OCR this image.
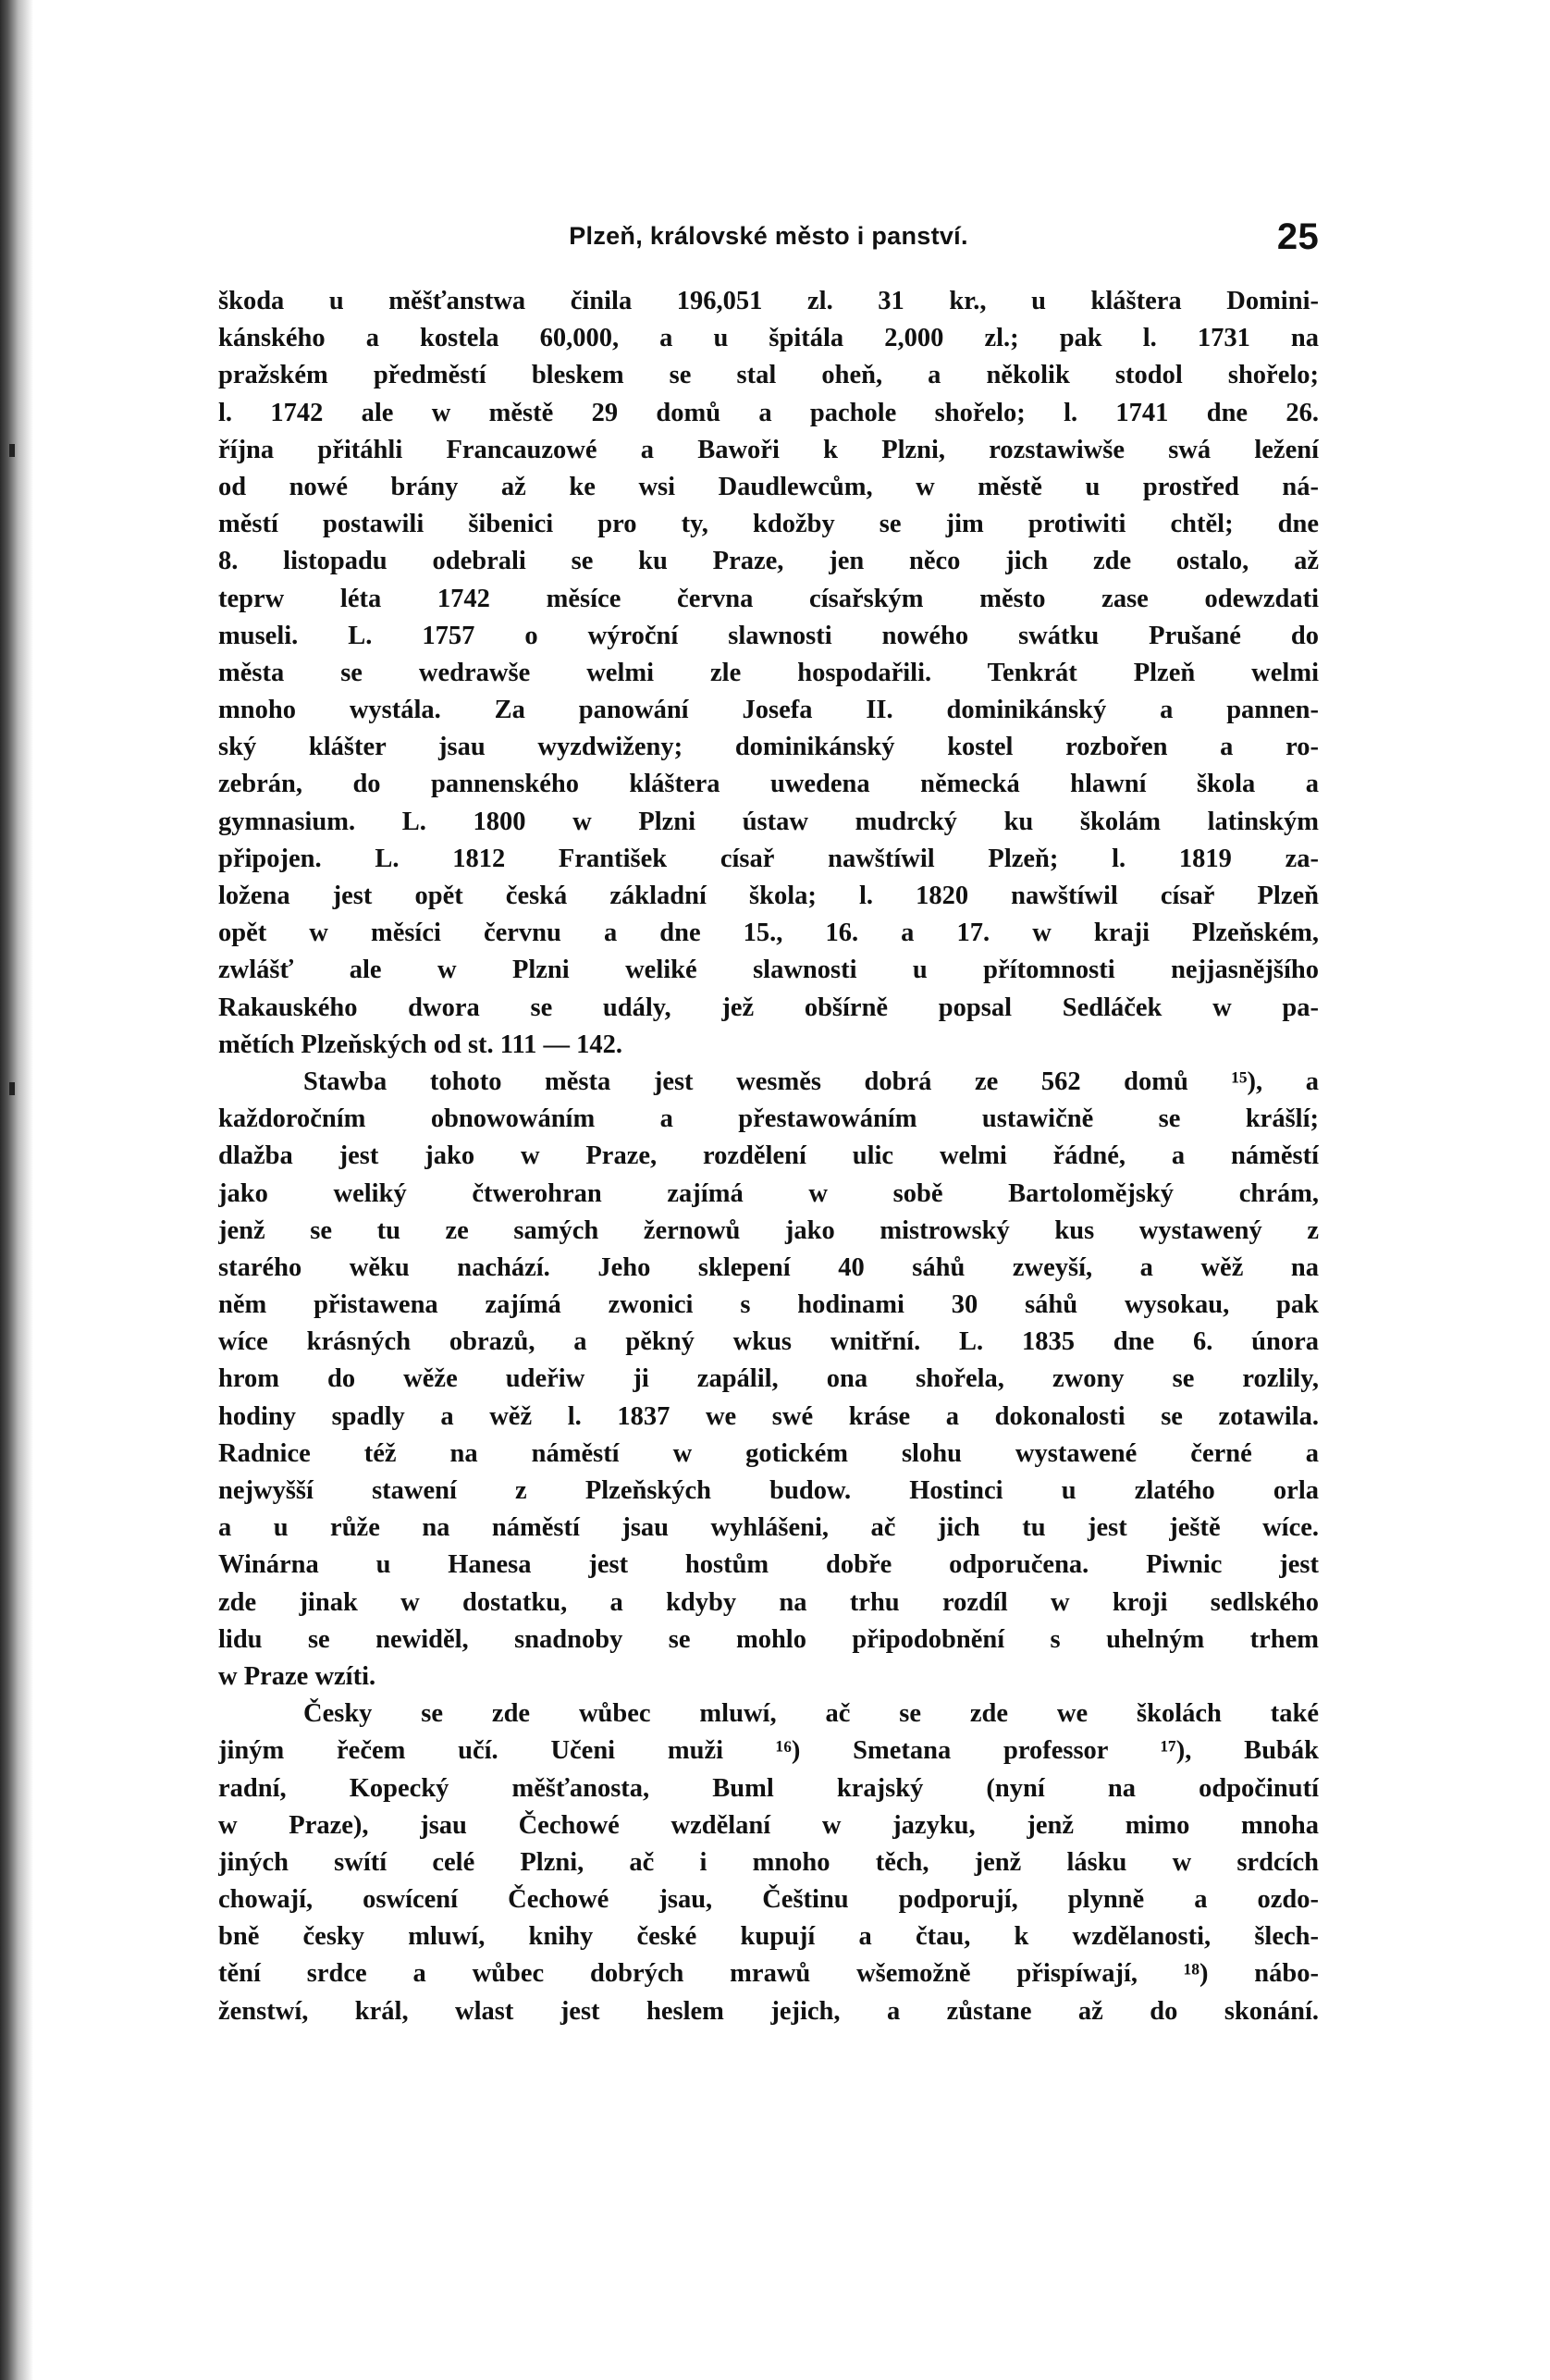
Plzeň, královské město i panství.	25
škoda u měšťanstwa činila 196,051 zl. 31 kr., u kláštera Domini-
kánského a kostela 60,000, a u špitála 2,000 zl.; pak l. 1731 na
pražském předměstí bleskem se stal oheň, a několik stodol shořelo;
l. 1742 ale w městě 29 domů a pachole shořelo; l. 1741 dne 26.
října přitáhli Francauzowé a Bawoři k Plzni, rozstawiwše swá ležení
od nowé brány až ke wsi Daudlewcům, w městě u prostřed ná-
městí postawili šibenici pro ty, kdožby se jim protiwiti chtěl; dne
8. listopadu odebrali se ku Praze, jen něco jich zde ostalo, až
teprw léta 1742 měsíce června císařským město zase odewzdati
museli. L. 1757 o wýroční slawnosti nowého swátku Prušané do
města se wedrawše welmi zle hospodařili. Tenkrát Plzeň welmi
mnoho wystála. Za panowání Josefa II. dominikánský a pannen-
ský klášter jsau wyzdwiženy; dominikánský kostel rozbořen a ro-
zebrán, do pannenského kláštera uwedena německá hlawní škola a
gymnasium. L. 1800 w Plzni ústaw mudrcký ku školám latinským
připojen. L. 1812 František císař nawštíwil Plzeň; l. 1819 za-
ložena jest opět česká základní škola; l. 1820 nawštíwil císař Plzeň
opět w měsíci červnu a dne 15., 16. a 17. w kraji Plzeňském,
zwlášť ale w Plzni weliké slawnosti u přítomnosti nejjasnějšího
Rakauského dwora se udály, jež obšírně popsal Sedláček w pa-
mětích Plzeňských od st. 111 — 142.
Stawba tohoto města jest wesměs dobrá ze 562 domů ¹⁵), a
každoročním obnowowáním a přestawowáním ustawičně se krášlí;
dlažba jest jako w Praze, rozdělení ulic welmi řádné, a náměstí
jako weliký čtwerohran zajímá w sobě Bartolomějský chrám,
jenž se tu ze samých žernowů jako mistrowský kus wystawený z
starého wěku nachází. Jeho sklepení 40 sáhů zweyší, a wěž na
něm přistawena zajímá zwonici s hodinami 30 sáhů wysokau, pak
wíce krásných obrazů, a pěkný wkus wnitřní. L. 1835 dne 6. února
hrom do wěže udeřiw ji zapálil, ona shořela, zwony se rozlily,
hodiny spadly a wěž l. 1837 we swé kráse a dokonalosti se zotawila.
Radnice též na náměstí w gotickém slohu wystawené černé a
nejwyšší stawení z Plzeňských budow. Hostinci u zlatého orla
a u růže na náměstí jsau wyhlášeni, ač jich tu jest ještě wíce.
Winárna u Hanesa jest hostům dobře odporučena. Piwnic jest
zde jinak w dostatku, a kdyby na trhu rozdíl w kroji sedlského
lidu se newiděl, snadnoby se mohlo připodobnění s uhelným trhem
w Praze wzíti.
Česky se zde wůbec mluwí, ač se zde we školách také
jiným řečem učí. Učeni muži ¹⁶) Smetana professor ¹⁷), Bubák
radní, Kopecký měšťanosta, Buml krajský (nyní na odpočinutí
w Praze), jsau Čechowé wzdělaní w jazyku, jenž mimo mnoha
jiných swítí celé Plzni, ač i mnoho těch, jenž lásku w srdcích
chowají, oswícení Čechowé jsau, Češtinu podporují, plynně a ozdo-
bně česky mluwí, knihy české kupují a čtau, k wzdělanosti, šlech-
tění srdce a wůbec dobrých mrawů wšemožně přispíwají, ¹⁸) nábo-
ženstwí, král, wlast jest heslem jejich, a zůstane až do skonání.
